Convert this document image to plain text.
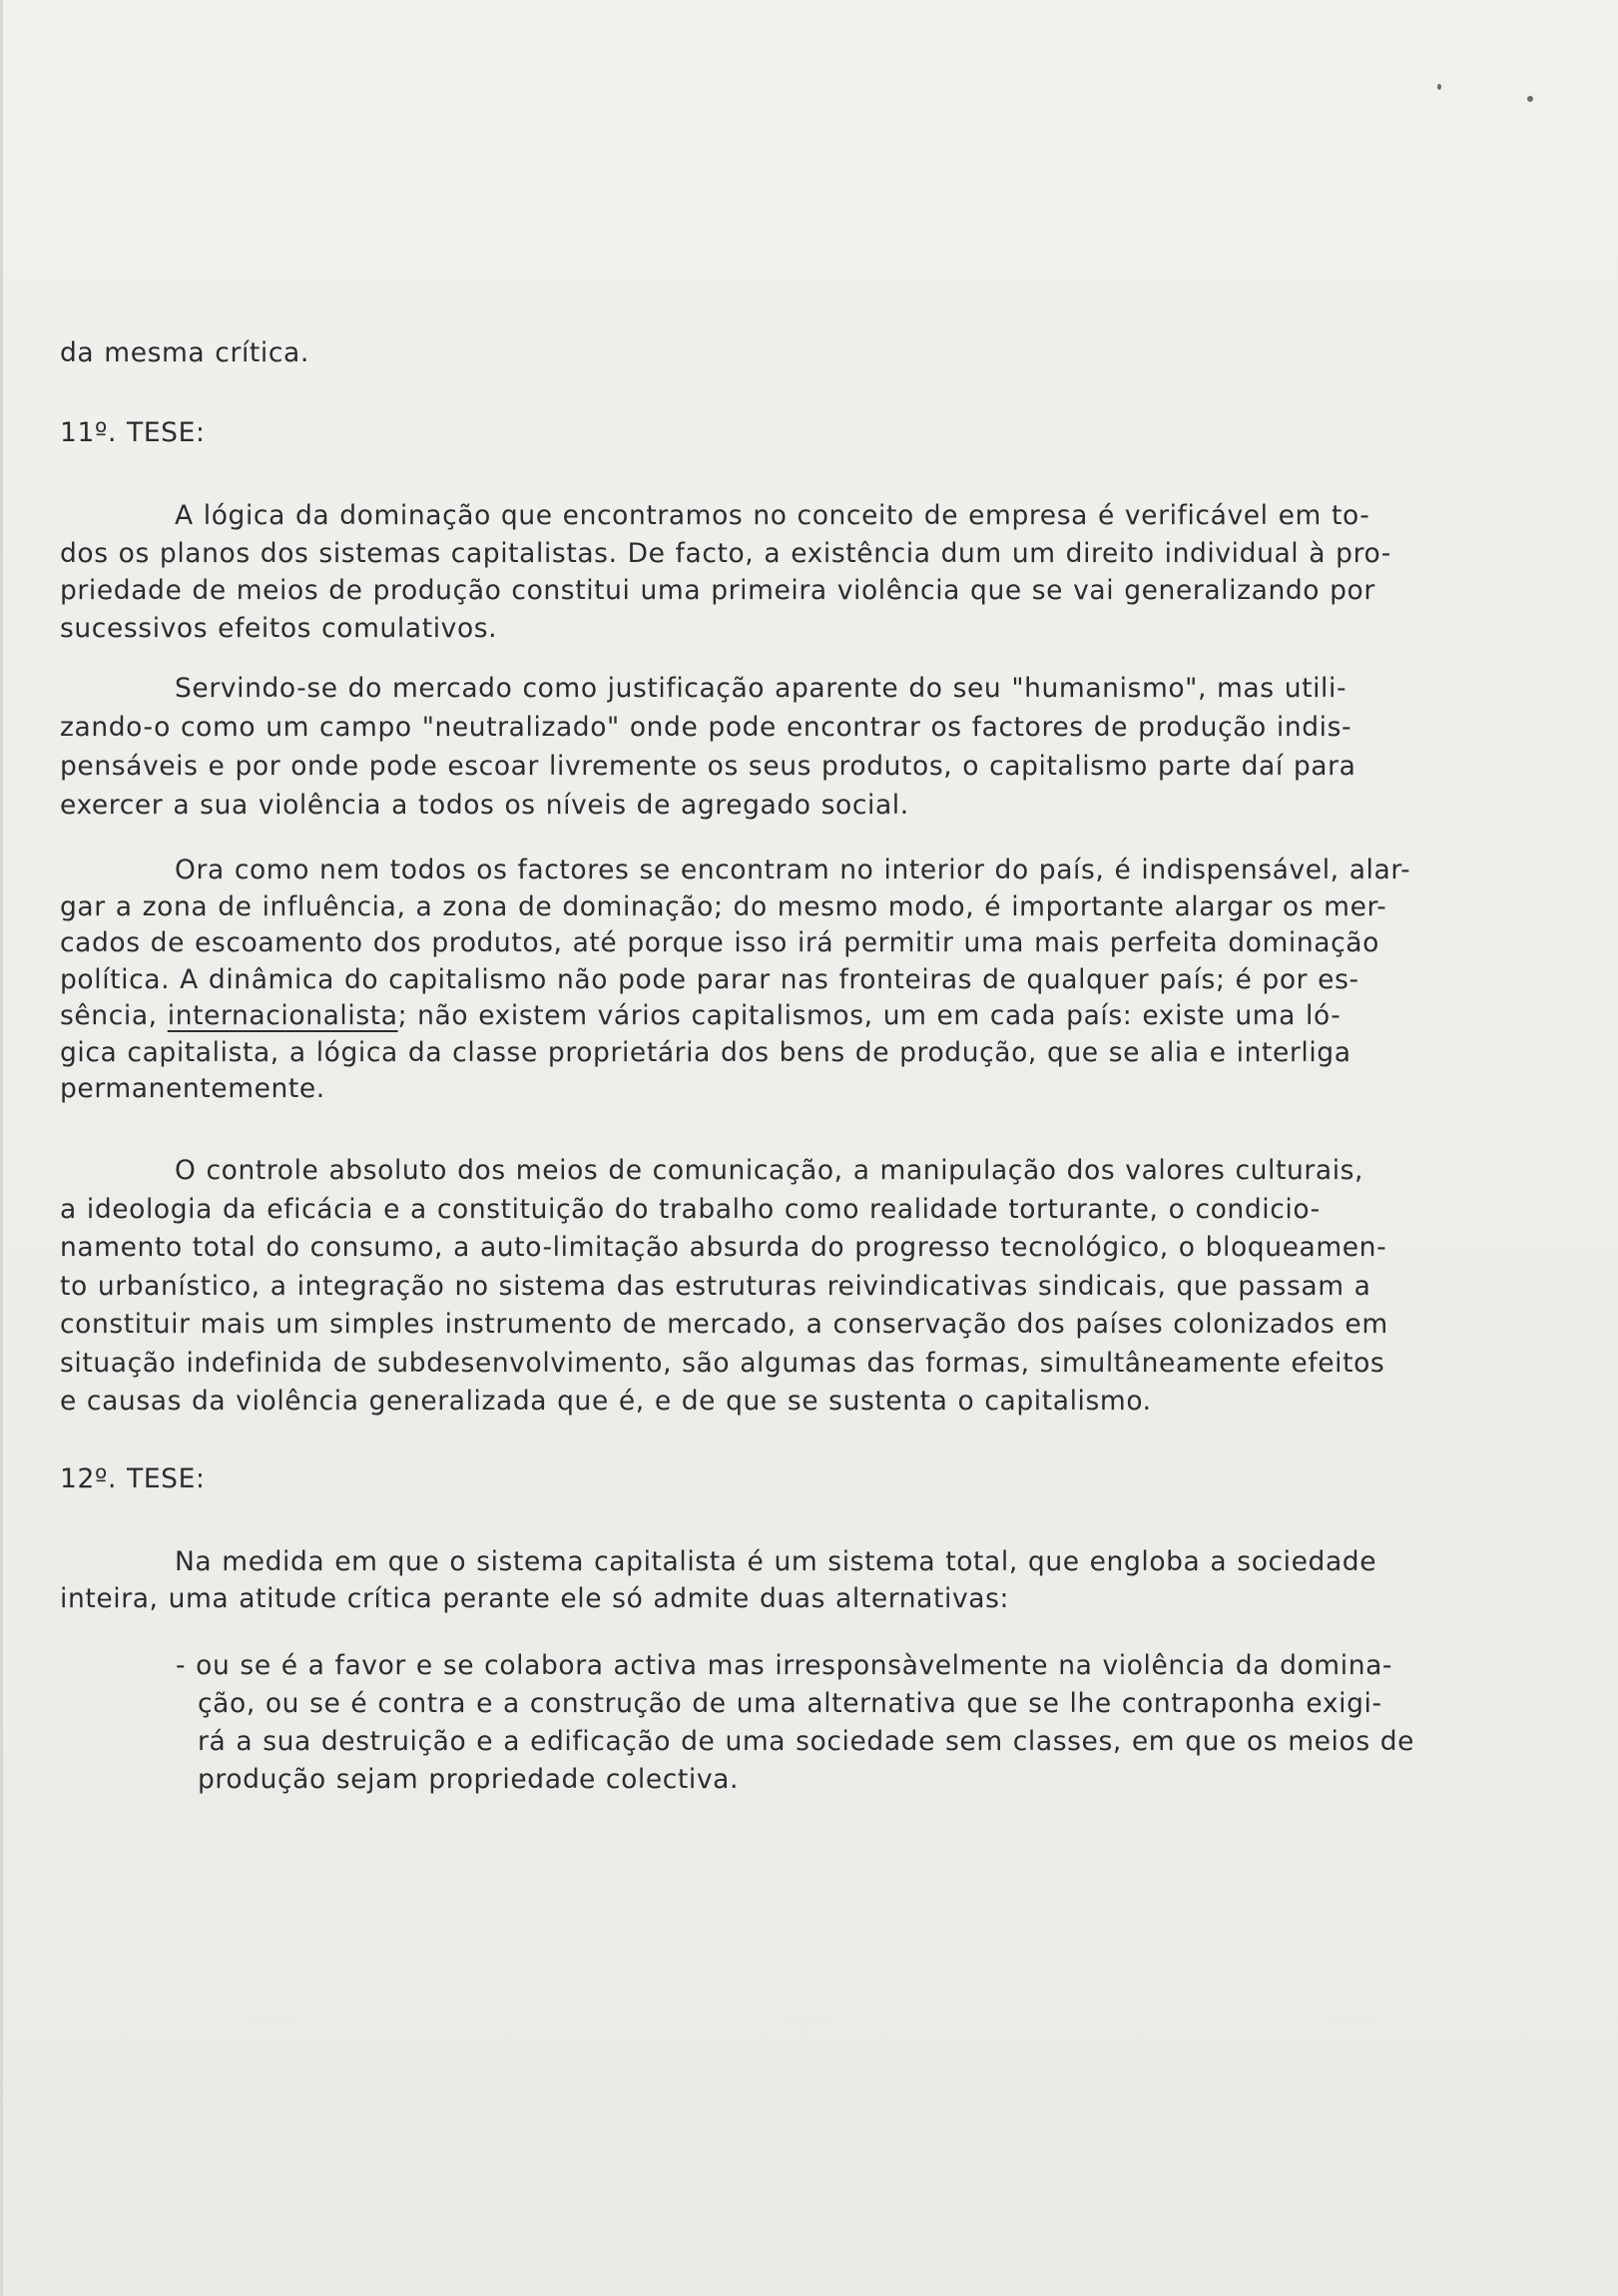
da mesma crítica.
11º. TESE:
A lógica da dominação que encontramos no conceito de empresa é verificável em to-
dos os planos dos sistemas capitalistas. De facto, a existência dum um direito individual à pro-
priedade de meios de produção constitui uma primeira violência que se vai generalizando por
sucessivos efeitos comulativos.
Servindo-se do mercado como justificação aparente do seu "humanismo", mas utili-
zando-o como um campo "neutralizado" onde pode encontrar os factores de produção indis-
pensáveis e por onde pode escoar livremente os seus produtos, o capitalismo parte daí para
exercer a sua violência a todos os níveis de agregado social.
Ora como nem todos os factores se encontram no interior do país, é indispensável, alar-
gar a zona de influência, a zona de dominação; do mesmo modo, é importante alargar os mer-
cados de escoamento dos produtos, até porque isso irá permitir uma mais perfeita dominação
política. A dinâmica do capitalismo não pode parar nas fronteiras de qualquer país; é por es-
sência, internacionalista; não existem vários capitalismos, um em cada país: existe uma ló-
gica capitalista, a lógica da classe proprietária dos bens de produção, que se alia e interliga
permanentemente.
O controle absoluto dos meios de comunicação, a manipulação dos valores culturais,
a ideologia da eficácia e a constituição do trabalho como realidade torturante, o condicio-
namento total do consumo, a auto-limitação absurda do progresso tecnológico, o bloqueamen-
to urbanístico, a integração no sistema das estruturas reivindicativas sindicais, que passam a
constituir mais um simples instrumento de mercado, a conservação dos países colonizados em
situação indefinida de subdesenvolvimento, são algumas das formas, simultâneamente efeitos
e causas da violência generalizada que é, e de que se sustenta o capitalismo.
12º. TESE:
Na medida em que o sistema capitalista é um sistema total, que engloba a sociedade
inteira, uma atitude crítica perante ele só admite duas alternativas:
- ou se é a favor e se colabora activa mas irresponsàvelmente na violência da domina-
ção, ou se é contra e a construção de uma alternativa que se lhe contraponha exigi-
rá a sua destruição e a edificação de uma sociedade sem classes, em que os meios de
produção sejam propriedade colectiva.
